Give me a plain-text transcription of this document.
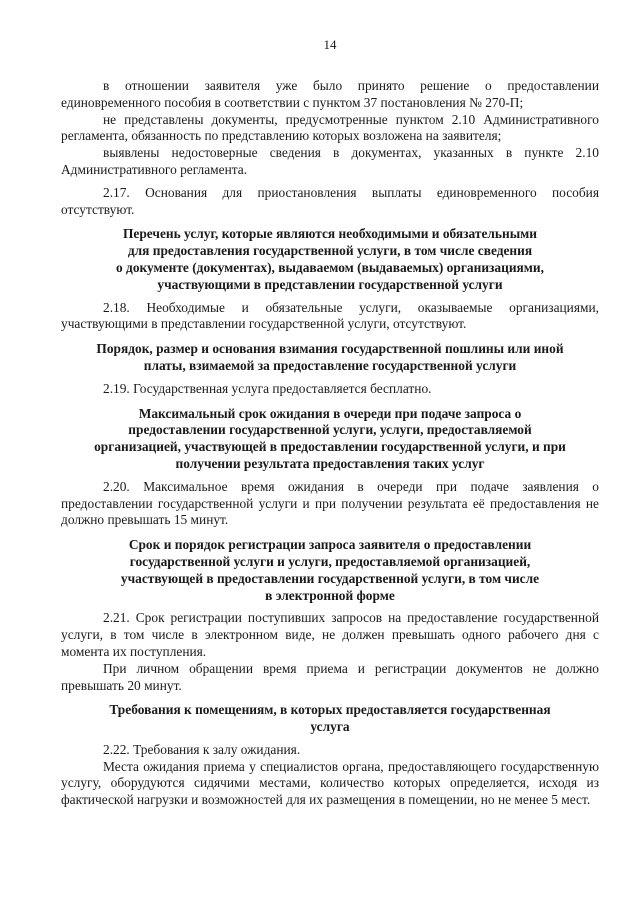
14

в отношении заявителя уже было принято решение о предоставлении единовременного пособия в соответствии с пунктом 37 постановления № 270-П;

не представлены документы, предусмотренные пунктом 2.10 Административного регламента, обязанность по представлению которых возложена на заявителя;

выявлены недостоверные сведения в документах, указанных в пункте 2.10 Административного регламента.

2.17. Основания для приостановления выплаты единовременного пособия отсутствуют.

Перечень услуг, которые являются необходимыми и обязательными
для предоставления государственной услуги, в том числе сведения
о документе (документах), выдаваемом (выдаваемых) организациями,
участвующими в представлении государственной услуги

2.18. Необходимые и обязательные услуги, оказываемые организациями, участвующими в представлении государственной услуги, отсутствуют.

Порядок, размер и основания взимания государственной пошлины или иной
платы, взимаемой за предоставление государственной услуги

2.19. Государственная услуга предоставляется бесплатно.

Максимальный срок ожидания в очереди при подаче запроса о
предоставлении государственной услуги, услуги, предоставляемой
организацией, участвующей в предоставлении государственной услуги, и при
получении результата предоставления таких услуг

2.20. Максимальное время ожидания в очереди при подаче заявления о предоставлении государственной услуги и при получении результата её предоставления не должно превышать 15 минут.

Срок и порядок регистрации запроса заявителя о предоставлении
государственной услуги и услуги, предоставляемой организацией,
участвующей в предоставлении государственной услуги, в том числе
в электронной форме

2.21. Срок регистрации поступивших запросов на предоставление государственной услуги, в том числе в электронном виде, не должен превышать одного рабочего дня с момента их поступления.

При личном обращении время приема и регистрации документов не должно превышать 20 минут.

Требования к помещениям, в которых предоставляется государственная
услуга

2.22. Требования к залу ожидания.

Места ожидания приема у специалистов органа, предоставляющего государственную услугу, оборудуются сидячими местами, количество которых определяется, исходя из фактической нагрузки и возможностей для их размещения в помещении, но не менее 5 мест.
